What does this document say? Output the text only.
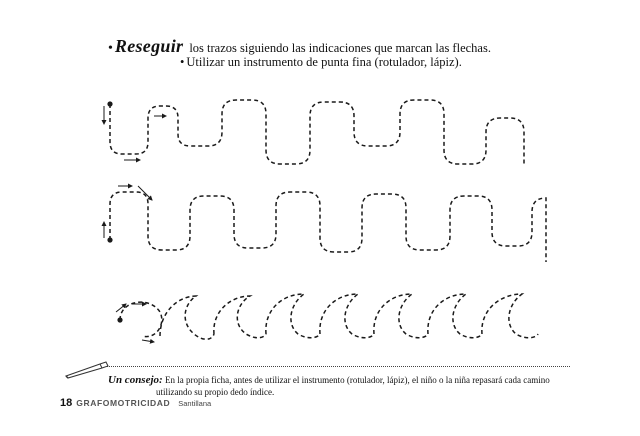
• Reseguir los trazos siguiendo las indicaciones que marcan las flechas.
• Utilizar un instrumento de punta fina (rotulador, lápiz).
Un consejo: En la propia ficha, antes de utilizar el instrumento (rotulador, lápiz), el niño o la niña repasará cada camino
utilizando su propio dedo índice.
18 GRAFOMOTRICIDAD Santillana
